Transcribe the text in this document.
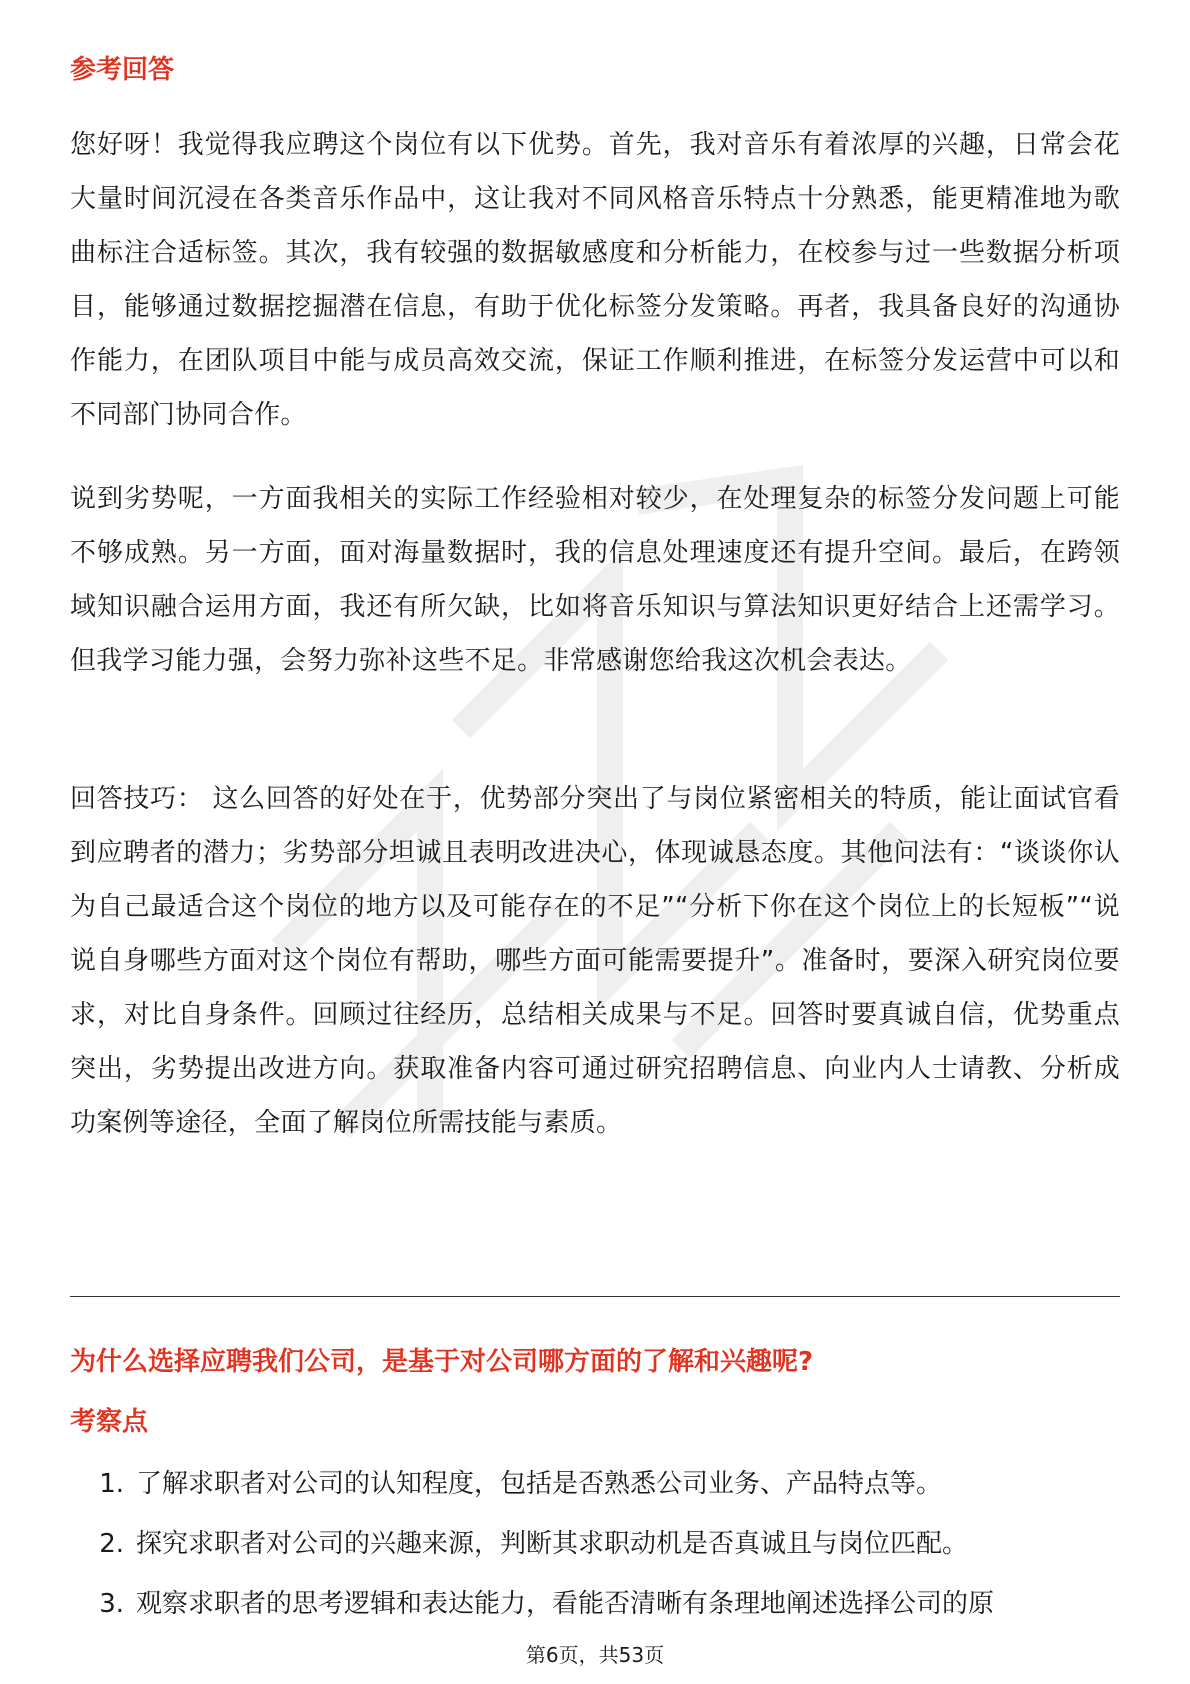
参考回答

您好呀！我觉得我应聘这个岗位有以下优势。首先，我对音乐有着浓厚的兴趣，日常会花大量时间沉浸在各类音乐作品中，这让我对不同风格音乐特点十分熟悉，能更精准地为歌曲标注合适标签。其次，我有较强的数据敏感度和分析能力，在校参与过一些数据分析项目，能够通过数据挖掘潜在信息，有助于优化标签分发策略。再者，我具备良好的沟通协作能力，在团队项目中能与成员高效交流，保证工作顺利推进，在标签分发运营中可以和不同部门协同合作。

说到劣势呢，一方面我相关的实际工作经验相对较少，在处理复杂的标签分发问题上可能不够成熟。另一方面，面对海量数据时，我的信息处理速度还有提升空间。最后，在跨领域知识融合运用方面，我还有所欠缺，比如将音乐知识与算法知识更好结合上还需学习。但我学习能力强，会努力弥补这些不足。非常感谢您给我这次机会表达。

回答技巧： 这么回答的好处在于，优势部分突出了与岗位紧密相关的特质，能让面试官看到应聘者的潜力；劣势部分坦诚且表明改进决心，体现诚恳态度。其他问法有：“谈谈你认为自己最适合这个岗位的地方以及可能存在的不足”“分析下你在这个岗位上的长短板”“说说自身哪些方面对这个岗位有帮助，哪些方面可能需要提升”。准备时，要深入研究岗位要求，对比自身条件。回顾过往经历，总结相关成果与不足。回答时要真诚自信，优势重点突出，劣势提出改进方向。获取准备内容可通过研究招聘信息、向业内人士请教、分析成功案例等途径，全面了解岗位所需技能与素质。

为什么选择应聘我们公司，是基于对公司哪方面的了解和兴趣呢?
考察点
1. 了解求职者对公司的认知程度，包括是否熟悉公司业务、产品特点等。
2. 探究求职者对公司的兴趣来源，判断其求职动机是否真诚且与岗位匹配。
3. 观察求职者的思考逻辑和表达能力，看能否清晰有条理地阐述选择公司的原
第6页，共53页
